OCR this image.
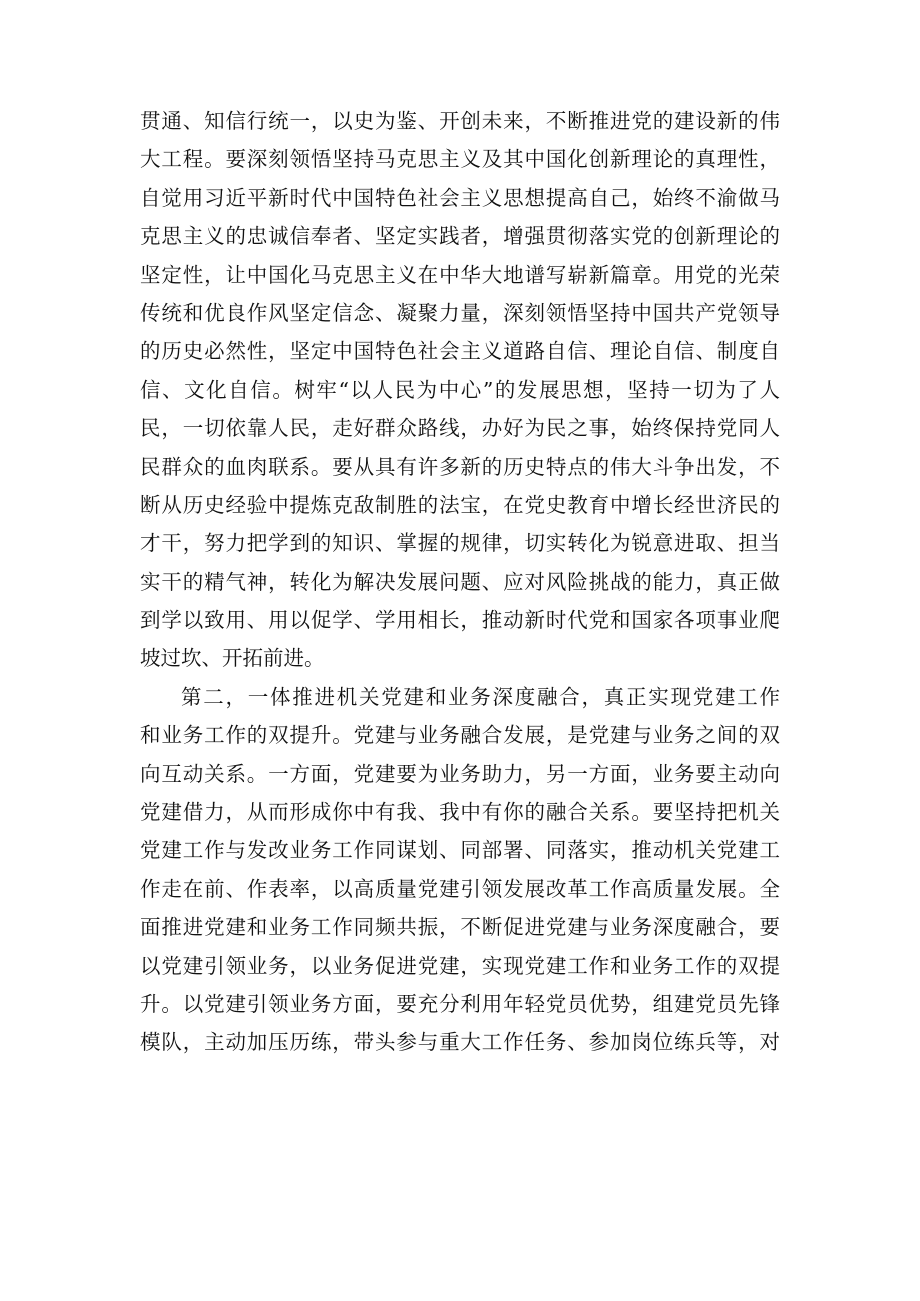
贯通、知信行统一，以史为鉴、开创未来，不断推进党的建设新的伟
大工程。要深刻领悟坚持马克思主义及其中国化创新理论的真理性，
自觉用习近平新时代中国特色社会主义思想提高自己，始终不渝做马
克思主义的忠诚信奉者、坚定实践者，增强贯彻落实党的创新理论的
坚定性，让中国化马克思主义在中华大地谱写崭新篇章。用党的光荣
传统和优良作风坚定信念、凝聚力量，深刻领悟坚持中国共产党领导
的历史必然性，坚定中国特色社会主义道路自信、理论自信、制度自
信、文化自信。树牢“以人民为中心”的发展思想，坚持一切为了人
民，一切依靠人民，走好群众路线，办好为民之事，始终保持党同人
民群众的血肉联系。要从具有许多新的历史特点的伟大斗争出发，不
断从历史经验中提炼克敌制胜的法宝，在党史教育中增长经世济民的
才干，努力把学到的知识、掌握的规律，切实转化为锐意进取、担当
实干的精气神，转化为解决发展问题、应对风险挑战的能力，真正做
到学以致用、用以促学、学用相长，推动新时代党和国家各项事业爬
坡过坎、开拓前进。
第二，一体推进机关党建和业务深度融合，真正实现党建工作
和业务工作的双提升。党建与业务融合发展，是党建与业务之间的双
向互动关系。一方面，党建要为业务助力，另一方面，业务要主动向
党建借力，从而形成你中有我、我中有你的融合关系。要坚持把机关
党建工作与发改业务工作同谋划、同部署、同落实，推动机关党建工
作走在前、作表率，以高质量党建引领发展改革工作高质量发展。全
面推进党建和业务工作同频共振，不断促进党建与业务深度融合，要
以党建引领业务，以业务促进党建，实现党建工作和业务工作的双提
升。以党建引领业务方面，要充分利用年轻党员优势，组建党员先锋
模队，主动加压历练，带头参与重大工作任务、参加岗位练兵等，对
